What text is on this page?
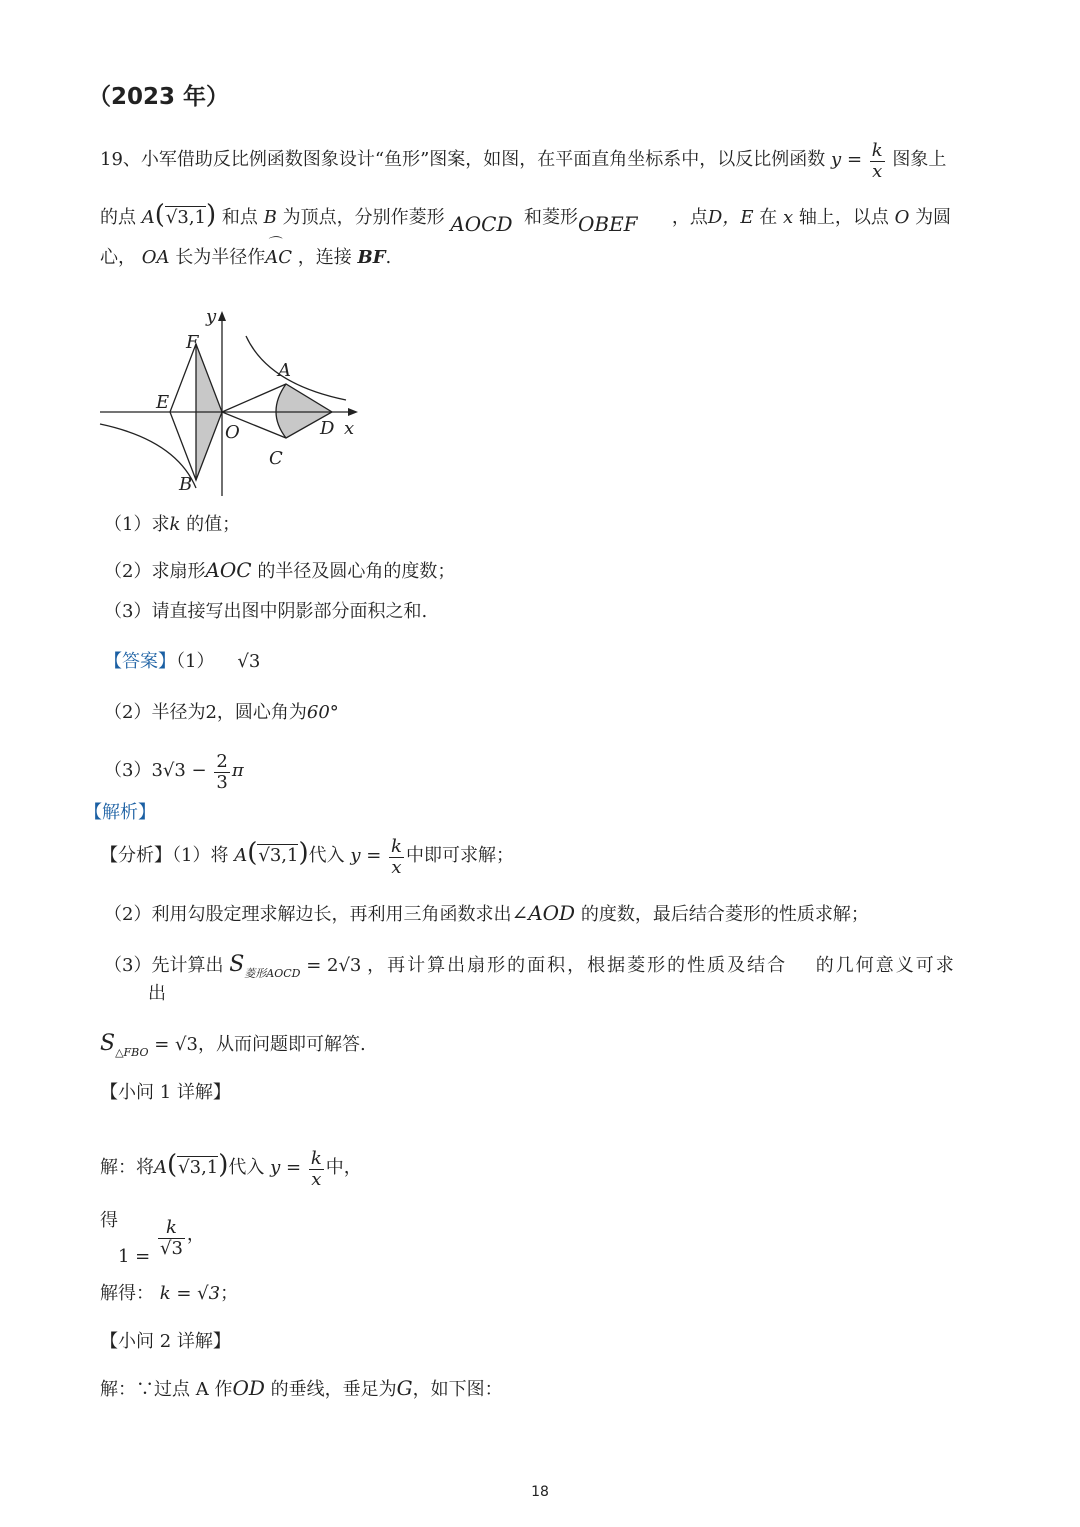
（2023 年）
19、小军借助反比例函数图象设计“鱼形”图案，如图，在平面直角坐标系中，以反比例函数 $y = \frac{k}{x}$ 图象上
的点 A(√3,1) 和点 B 为顶点，分别作菱形 AOCD 和菱形OBEF ，点D，E 在 x 轴上，以点 O 为圆
心， OA 长为半径作⌒ AC ，连接 BF.
y
x
F
A
E
O	D
C
B
（1）求k 的值；
（2）求扇形AOC 的半径及圆心角的度数；
（3）请直接写出图中阴影部分面积之和.
【答案】（1） √3
（2）半径为2，圆心角为60°
$(3)3√3 - \frac{2}{3}$ π
【解析】
【分析】（1）将 A(√3,1)代入 $y = \frac{k}{x}$ 中即可求解；
（2）利用勾股定理求解边长，再利用三角函数求出∠AOD 的度数，最后结合菱形的性质求解；
（3）先计算出 $S_{菱形AOCD} = 2√3$ ，再计算出扇形的面积，根据菱形的性质及结合 的几何意义可求
出
$S_{\triangle FBO} = √3$，从而问题即可解答.
【小问 1 详解】
解：将A(√3,1)代入 $y = \frac{k}{x}$ 中，
得
$1 = \frac{k}{√3}$ ，
解得： k = √3；
【小问 2 详解】
解：∵过点 A 作OD 的垂线，垂足为G，如下图：
18
